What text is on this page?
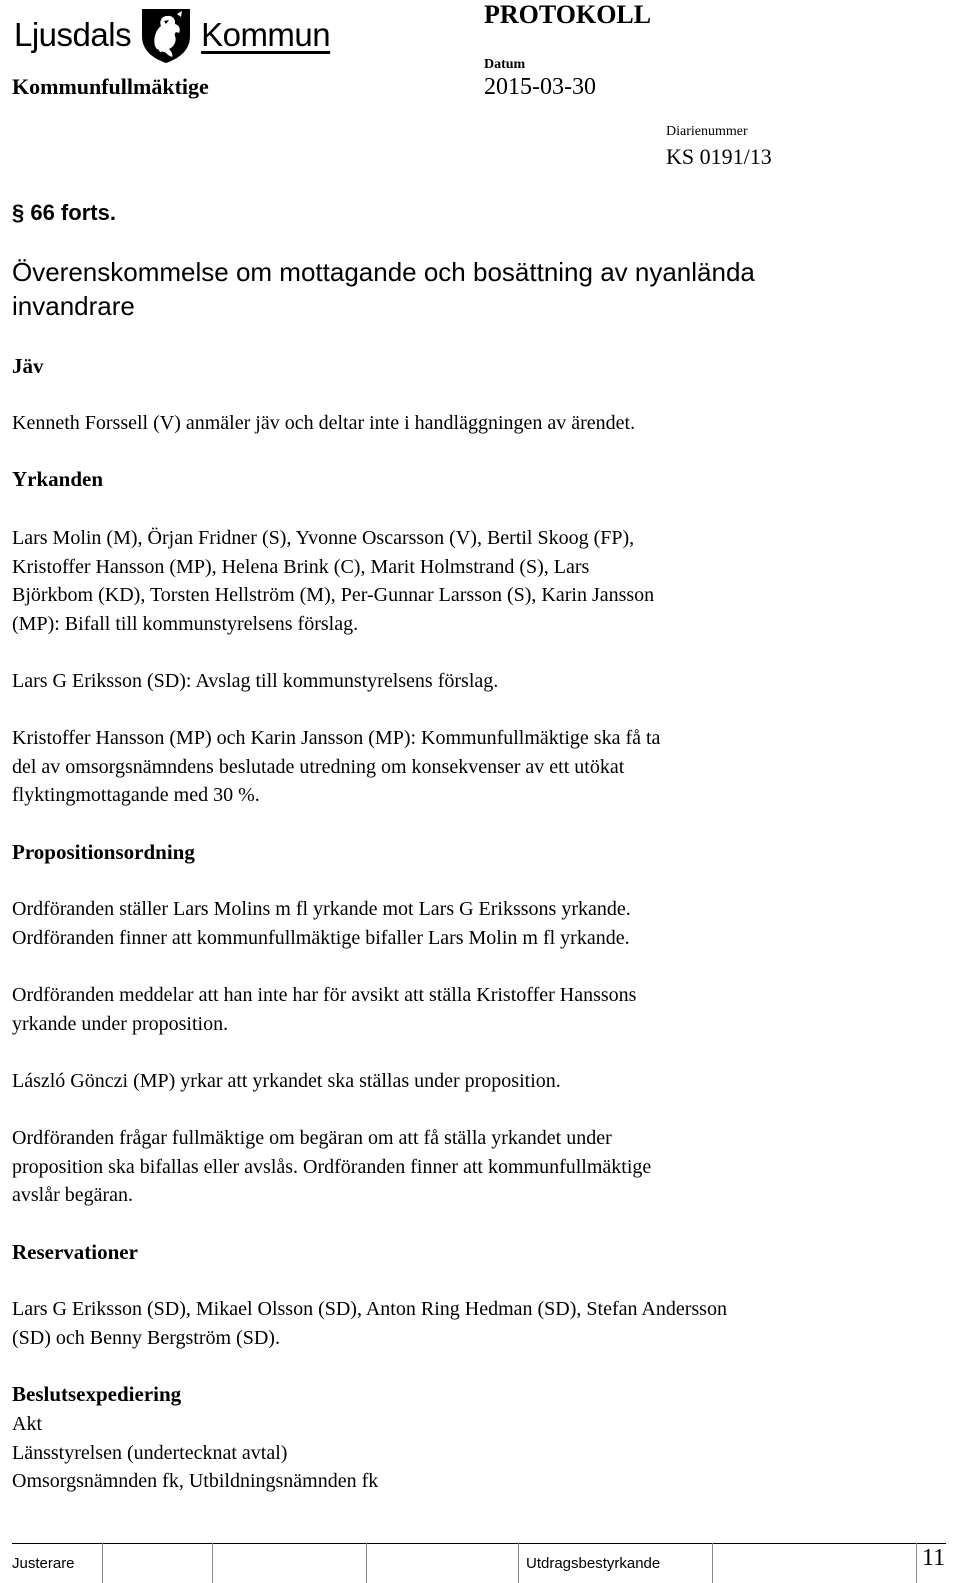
Ljusdals Kommun
PROTOKOLL
Kommunfullmäktige
Datum
2015-03-30
Diarienummer
KS 0191/13
§ 66 forts.
Överenskommelse om mottagande och bosättning av nyanlända
invandrare
Jäv
Kenneth Forssell (V) anmäler jäv och deltar inte i handläggningen av ärendet.
Yrkanden
Lars Molin (M), Örjan Fridner (S), Yvonne Oscarsson (V), Bertil Skoog (FP),
Kristoffer Hansson (MP), Helena Brink (C), Marit Holmstrand (S), Lars
Björkbom (KD), Torsten Hellström (M), Per-Gunnar Larsson (S), Karin Jansson
(MP): Bifall till kommunstyrelsens förslag.
Lars G Eriksson (SD): Avslag till kommunstyrelsens förslag.
Kristoffer Hansson (MP) och Karin Jansson (MP): Kommunfullmäktige ska få ta
del av omsorgsnämndens beslutade utredning om konsekvenser av ett utökat
flyktingmottagande med 30 %.
Propositionsordning
Ordföranden ställer Lars Molins m fl yrkande mot Lars G Erikssons yrkande.
Ordföranden finner att kommunfullmäktige bifaller Lars Molin m fl yrkande.
Ordföranden meddelar att han inte har för avsikt att ställa Kristoffer Hanssons
yrkande under proposition.
László Gönczi (MP) yrkar att yrkandet ska ställas under proposition.
Ordföranden frågar fullmäktige om begäran om att få ställa yrkandet under
proposition ska bifallas eller avslås. Ordföranden finner att kommunfullmäktige
avslår begäran.
Reservationer
Lars G Eriksson (SD), Mikael Olsson (SD), Anton Ring Hedman (SD), Stefan Andersson
(SD) och Benny Bergström (SD).
Beslutsexpediering
Akt
Länsstyrelsen (undertecknat avtal)
Omsorgsnämnden fk, Utbildningsnämnden fk
Justerare	Utdragsbestyrkande	11
